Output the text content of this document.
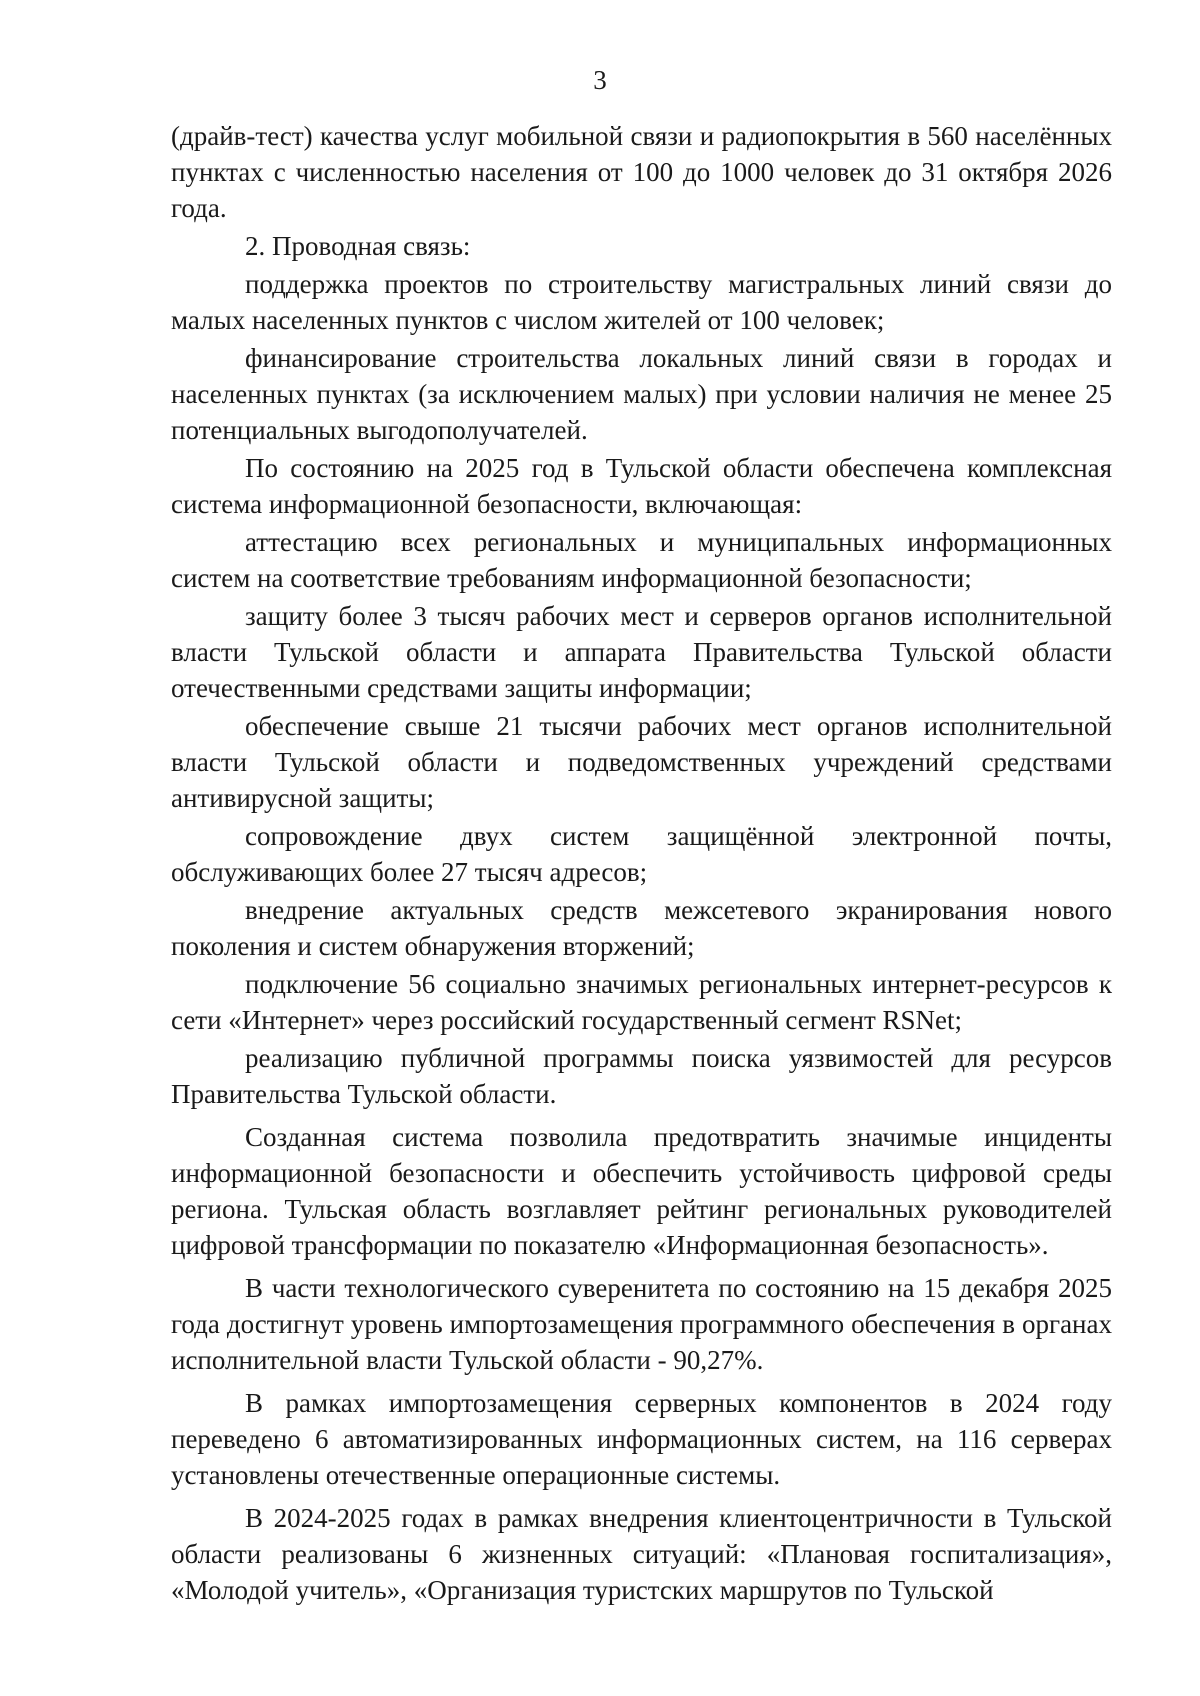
3

(драйв-тест) качества услуг мобильной связи и радиопокрытия в 560 населённых пунктах с численностью населения от 100 до 1000 человек до 31 октября 2026 года.

2. Проводная связь:

поддержка проектов по строительству магистральных линий связи до малых населенных пунктов с числом жителей от 100 человек;

финансирование строительства локальных линий связи в городах и населенных пунктах (за исключением малых) при условии наличия не менее 25 потенциальных выгодополучателей.

По состоянию на 2025 год в Тульской области обеспечена комплексная система информационной безопасности, включающая:

аттестацию всех региональных и муниципальных информационных систем на соответствие требованиям информационной безопасности;

защиту более 3 тысяч рабочих мест и серверов органов исполнительной власти Тульской области и аппарата Правительства Тульской области отечественными средствами защиты информации;

обеспечение свыше 21 тысячи рабочих мест органов исполнительной власти Тульской области и подведомственных учреждений средствами антивирусной защиты;

сопровождение двух систем защищённой электронной почты, обслуживающих более 27 тысяч адресов;

внедрение актуальных средств межсетевого экранирования нового поколения и систем обнаружения вторжений;

подключение 56 социально значимых региональных интернет-ресурсов к сети «Интернет» через российский государственный сегмент RSNet;

реализацию публичной программы поиска уязвимостей для ресурсов Правительства Тульской области.

Созданная система позволила предотвратить значимые инциденты информационной безопасности и обеспечить устойчивость цифровой среды региона. Тульская область возглавляет рейтинг региональных руководителей цифровой трансформации по показателю «Информационная безопасность».

В части технологического суверенитета по состоянию на 15 декабря 2025 года достигнут уровень импортозамещения программного обеспечения в органах исполнительной власти Тульской области - 90,27%.

В рамках импортозамещения серверных компонентов в 2024 году переведено 6 автоматизированных информационных систем, на 116 серверах установлены отечественные операционные системы.

В 2024-2025 годах в рамках внедрения клиентоцентричности в Тульской области реализованы 6 жизненных ситуаций: «Плановая госпитализация», «Молодой учитель», «Организация туристских маршрутов по Тульской
